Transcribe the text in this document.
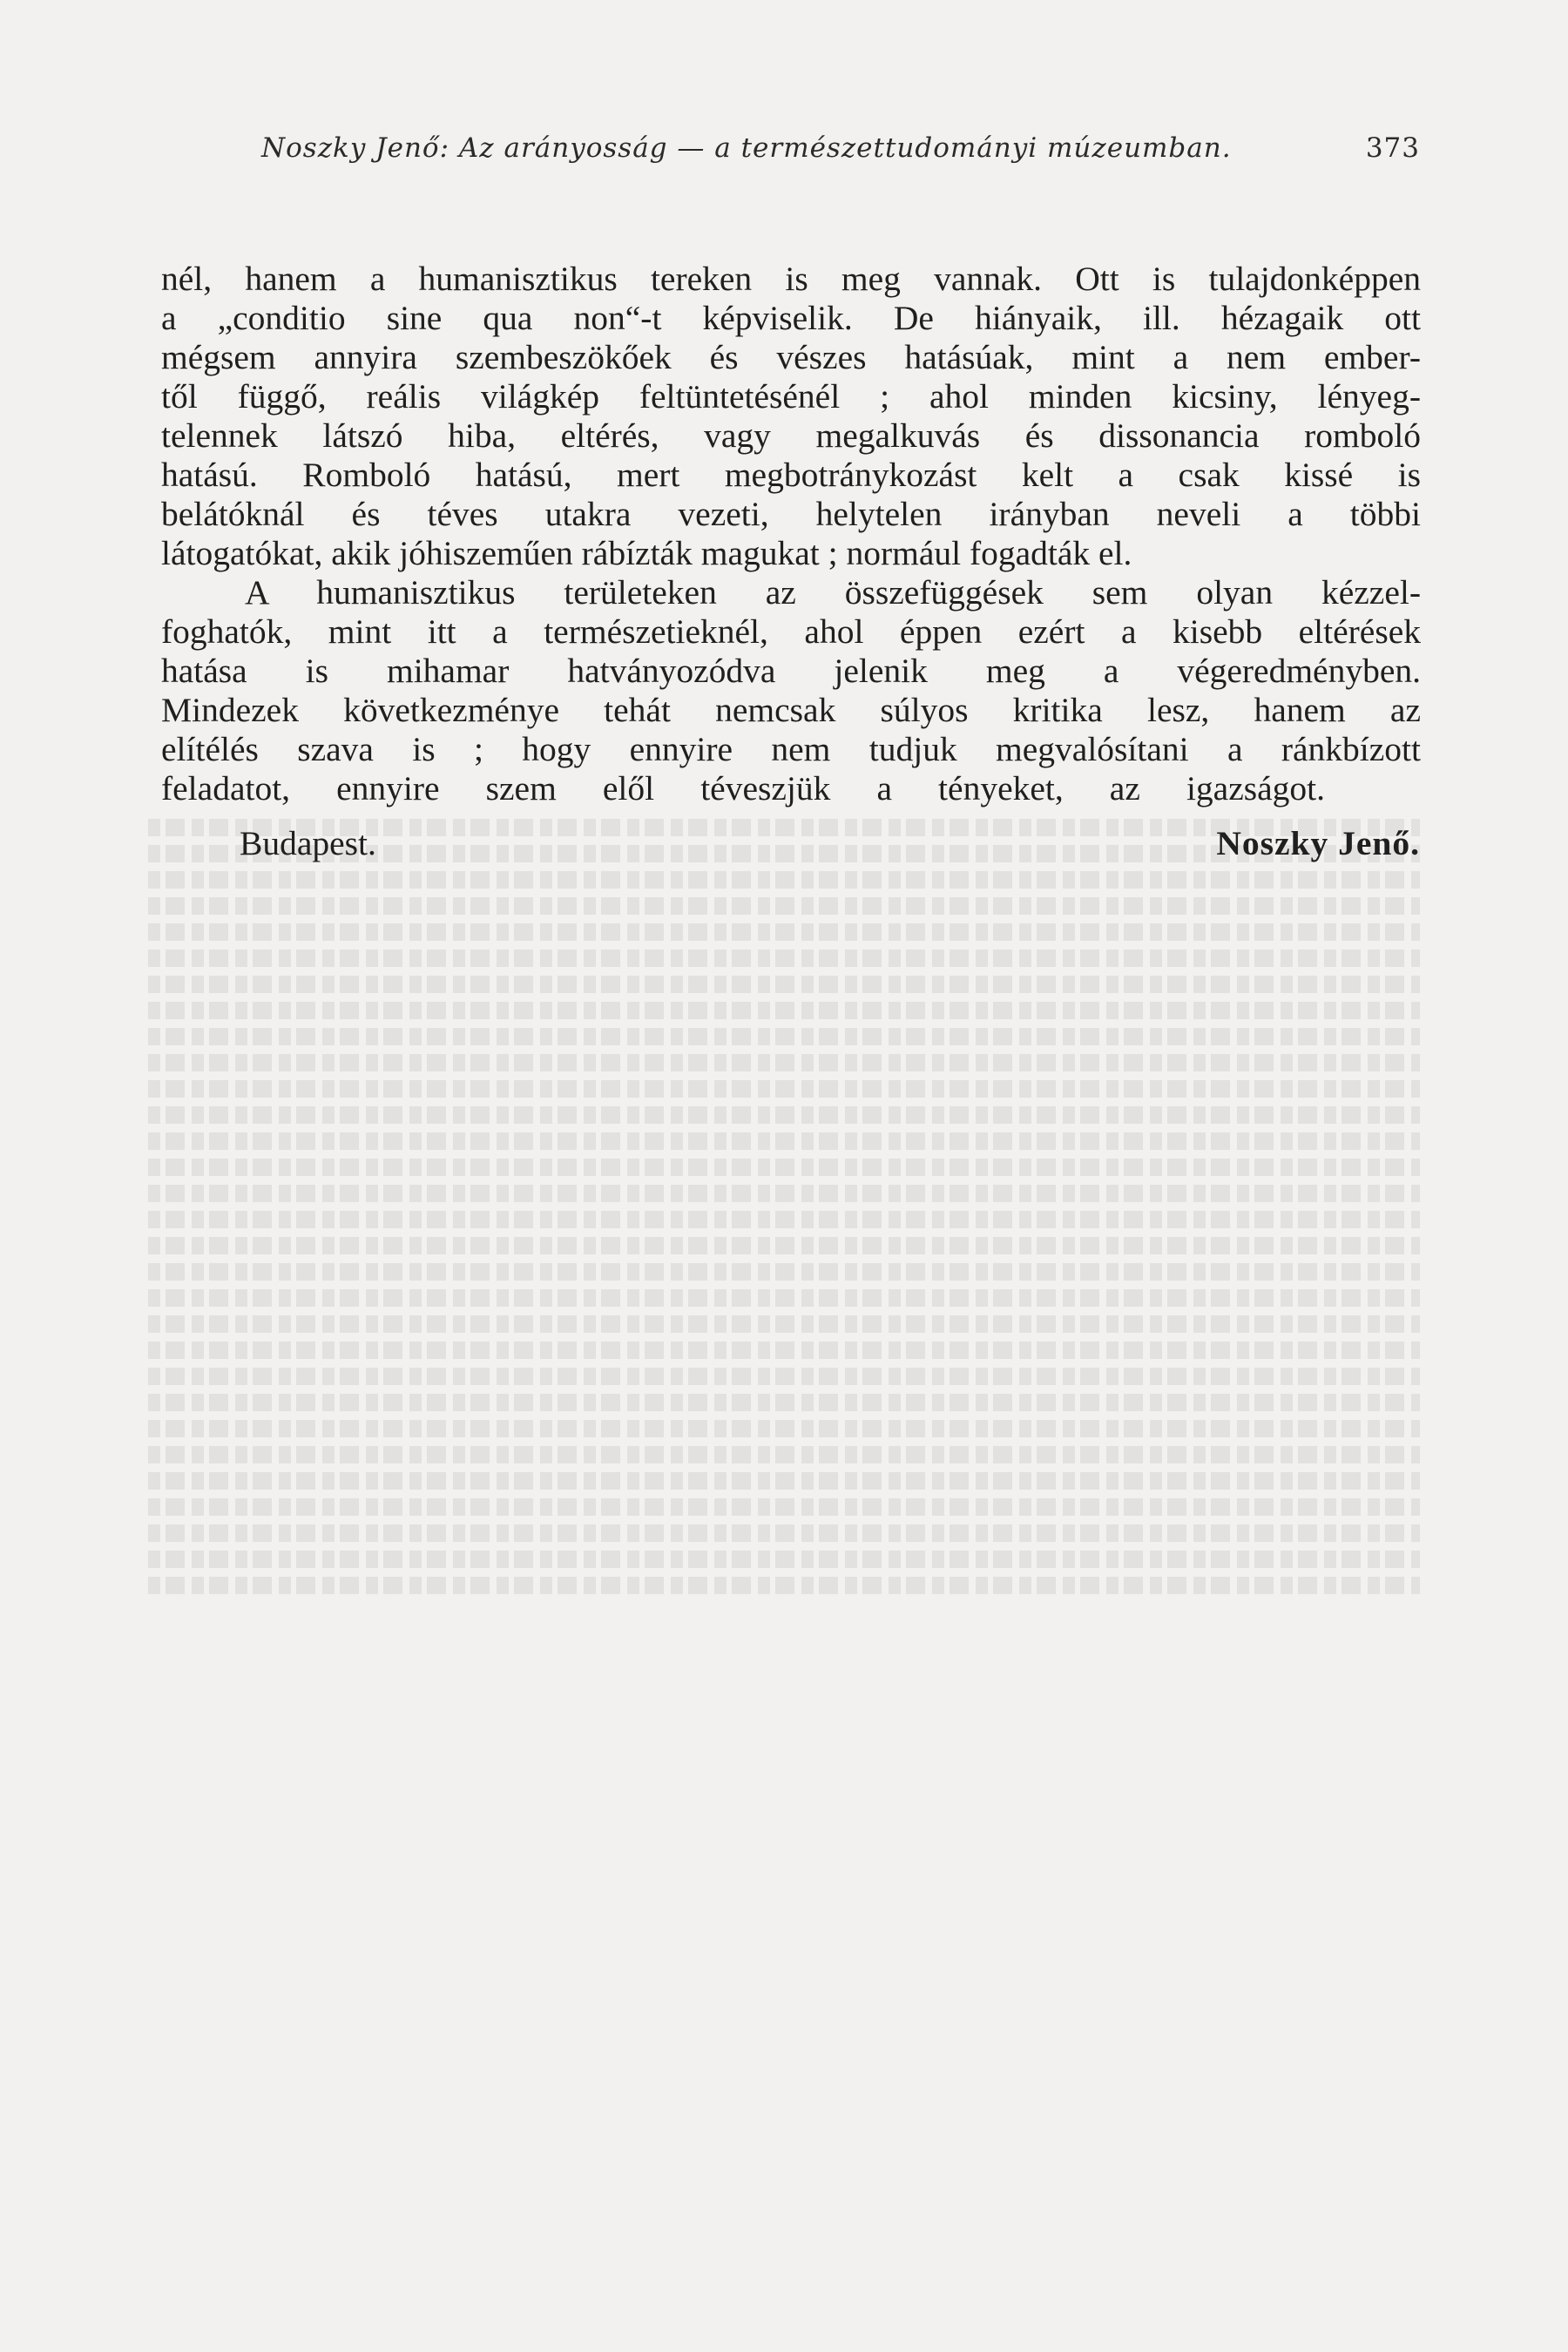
Noszky Jenő: Az arányosság — a természettudományi múzeumban.	373
nél, hanem a humanisztikus tereken is meg vannak. Ott is tulajdonképpen
a „conditio sine qua non“-t képviselik. De hiányaik, ill. hézagaik ott
mégsem annyira szembeszökőek és vészes hatásúak, mint a nem ember-
től függő, reális világkép feltüntetésénél ; ahol minden kicsiny, lényeg-
telennek látszó hiba, eltérés, vagy megalkuvás és dissonancia romboló
hatású. Romboló hatású, mert megbotránykozást kelt a csak kissé is
belátóknál és téves utakra vezeti, helytelen irányban neveli a többi
látogatókat, akik jóhiszeműen rábízták magukat ; normául fogadták el.
A humanisztikus területeken az összefüggések sem olyan kézzel-
foghatók, mint itt a természetieknél, ahol éppen ezért a kisebb eltérések
hatása is mihamar hatványozódva jelenik meg a végeredményben.
Mindezek következménye tehát nemcsak súlyos kritika lesz, hanem az
elítélés szava is ; hogy ennyire nem tudjuk megvalósítani a ránkbízott
feladatot, ennyire szem elől téveszjük a tényeket, az igazságot.
Budapest.	Noszky Jenő.
